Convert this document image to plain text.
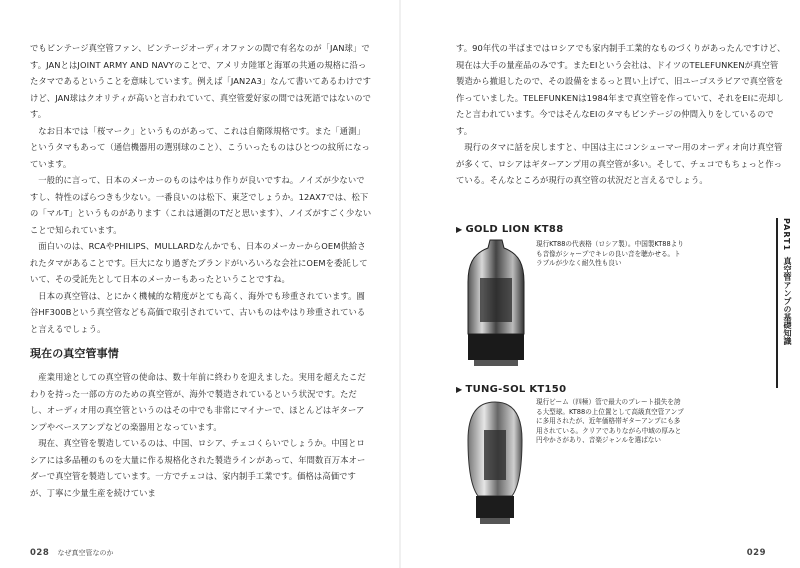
でもビンテージ真空管ファン、ビンテージオーディオファンの間で有名なのが「JAN球」です。JANとはJOINT ARMY AND NAVYのことで、アメリカ陸軍と海軍の共通の規格に沿ったタマであるということを意味しています。例えば「JAN2A3」なんて書いてあるわけですけど、JAN球はクオリティが高いと言われていて、真空管愛好家の間では死語ではないのです。

なお日本では「桜マーク」というものがあって、これは自衛隊規格です。また「通測」というタマもあって（通信機器用の選別球のこと）、こういったものはひとつの紋所になっています。

一般的に言って、日本のメーカーのものはやはり作りが良いですね。ノイズが少ないですし、特性のばらつきも少ない。一番良いのは松下、東芝でしょうか。12AX7では、松下の「マルT」というものがあります（これは通測のTだと思います）、ノイズがすごく少ないことで知られています。

面白いのは、RCAやPHILIPS、MULLARDなんかでも、日本のメーカーからOEM供給されたタマがあることです。巨大になり過ぎたブランドがいろいろな会社にOEMを委託していて、その受託先として日本のメーカーもあったということですね。

日本の真空管は、とにかく機械的な精度がとても高く、海外でも珍重されています。圓谷HF300Bという真空管なども高価で取引されていて、古いものはやはり珍重されていると言えるでしょう。

現在の真空管事情

産業用途としての真空管の使命は、数十年前に終わりを迎えました。実用を超えたこだわりを持った一部の方のための真空管が、海外で製造されているという状況です。ただし、オーディオ用の真空管というのはその中でも非常にマイナーで、ほとんどはギターアンプやベースアンプなどの楽器用となっています。

現在、真空管を製造しているのは、中国、ロシア、チェコくらいでしょうか。中国とロシアには多品種のものを大量に作る規格化された製造ラインがあって、年間数百万本オーダーで真空管を製造しています。一方でチェコは、家内制手工業です。価格は高価ですが、丁寧に少量生産を続けていま

028 なぜ真空管なのか

す。90年代の半ばまではロシアでも家内制手工業的なものづくりがあったんですけど、現在は大手の量産品のみです。またEIという会社は、ドイツのTELEFUNKENが真空管製造から撤退したので、その設備をまるっと買い上げて、旧ユーゴスラビアで真空管を作っていました。TELEFUNKENは1984年まで真空管を作っていて、それをEIに売却したと言われています。今ではそんなEIのタマもビンテージの仲間入りをしているのです。

現行のタマに話を戻しますと、中国は主にコンシューマー用のオーディオ向け真空管が多くて、ロシアはギターアンプ用の真空管が多い。そして、チェコでもちょっと作っている。そんなところが現行の真空管の状況だと言えるでしょう。

▶ GOLD LION KT88
現行KT88の代表格（ロシア製）。中国製KT88よりも音像がシャープでキレの良い音を聴かせる。トラブルが少なく耐久性も良い
▶ TUNG-SOL KT150
現行ビーム（四極）管で最大のプレート損失を誇る大型球。KT88の上位置として高級真空管アンプに多用されたが、近年価格帯ギターアンプにも多用されている。クリアでありながら中域の厚みと円やかさがあり、音楽ジャンルを選ばない
PART1
真空管アンプの基礎知識
029
